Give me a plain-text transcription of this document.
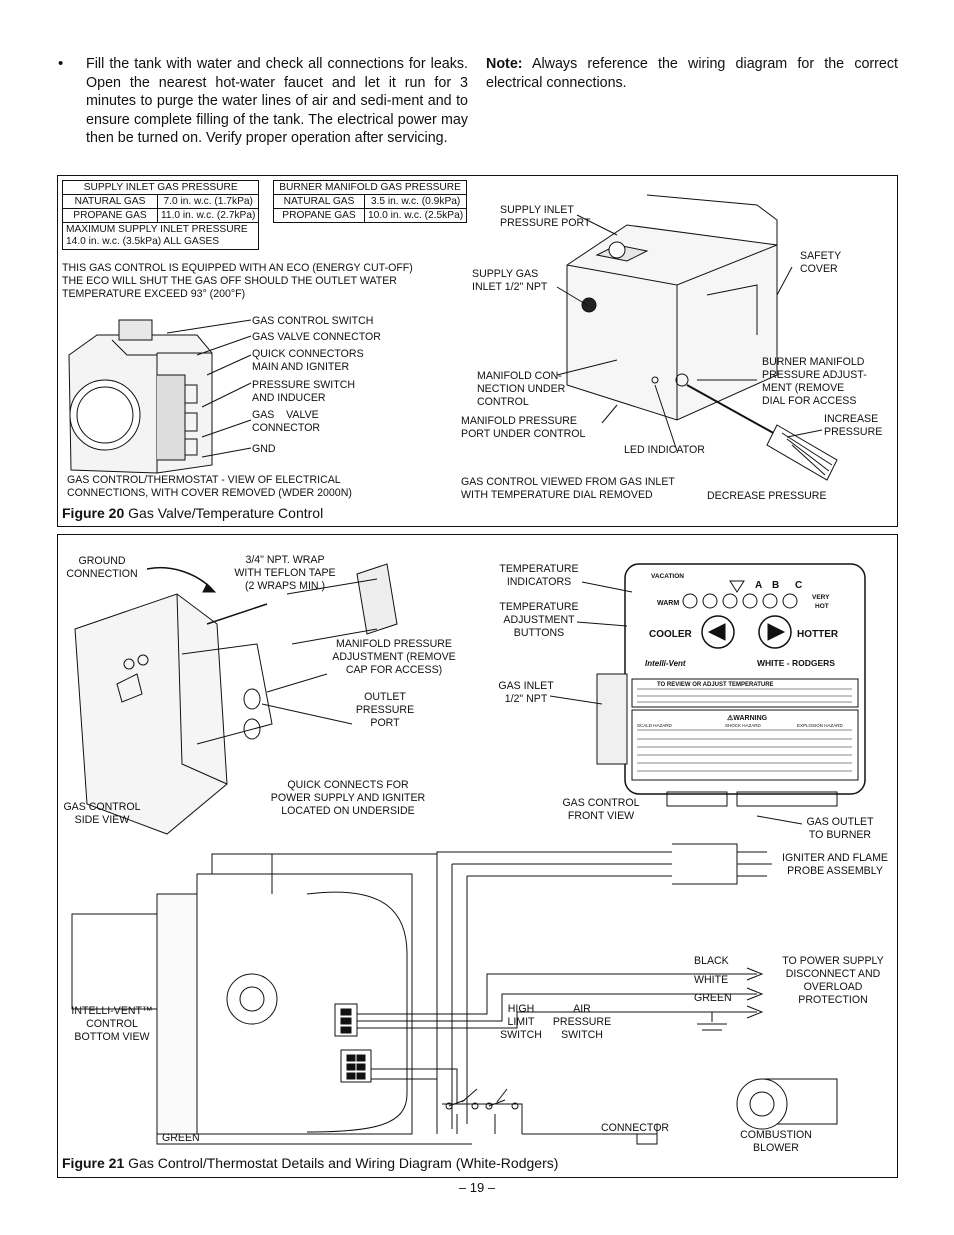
• Fill the tank with water and check all connections for leaks. Open the nearest hot-water faucet and let it run for 3 minutes to purge the water lines of air and sedi-ment and to ensure complete filling of the tank. The electrical power may then be turned on. Verify proper operation after servicing.
Note: Always reference the wiring diagram for the correct electrical connections.
SUPPLY INLET GAS PRESSURE	
NATURAL GAS	7.0 in. w.c. (1.7kPa)
PROPANE GAS	11.0 in. w.c. (2.7kPa)
MAXIMUM SUPPLY INLET PRESSURE
14.0 in. w.c. (3.5kPa) ALL GASES	
BURNER MANIFOLD GAS PRESSURE	
NATURAL GAS	3.5 in. w.c. (0.9kPa)
PROPANE GAS	10.0 in. w.c. (2.5kPa)
THIS GAS CONTROL IS EQUIPPED WITH AN ECO (ENERGY CUT-OFF)
THE ECO WILL SHUT THE GAS OFF SHOULD THE OUTLET WATER
TEMPERATURE EXCEED 93° (200°F)
GAS CONTROL SWITCH
GAS VALVE CONNECTOR
QUICK CONNECTORS
MAIN AND IGNITER
PRESSURE SWITCH
AND INDUCER
GAS    VALVE
CONNECTOR
GND
GAS CONTROL/THERMOSTAT - VIEW OF ELECTRICAL
CONNECTIONS, WITH COVER REMOVED (WDER 2000N)
SUPPLY INLET
PRESSURE PORT
SAFETY
COVER
SUPPLY GAS
INLET 1/2" NPT
MANIFOLD CON-
NECTION UNDER
CONTROL
BURNER MANIFOLD
PRESSURE ADJUST-
MENT (REMOVE
DIAL FOR ACCESS
MANIFOLD PRESSURE
PORT UNDER CONTROL
INCREASE
PRESSURE
LED INDICATOR
GAS CONTROL VIEWED FROM GAS INLET
WITH TEMPERATURE DIAL REMOVED	DECREASE PRESSURE
Figure 20 Gas Valve/Temperature Control
VACATION
WARM
A B C
VERY
HOT
COOLER	HOTTER
Intelli-Vent	WHITE - RODGERS
TO REVIEW OR ADJUST TEMPERATURE
⚠WARNING
SCALD HAZARD	SHOCK HAZARD	EXPLOSION HAZARD
GROUND
CONNECTION
3/4" NPT. WRAP
WITH TEFLON TAPE
(2 WRAPS MIN.)
MANIFOLD PRESSURE
ADJUSTMENT (REMOVE
CAP FOR ACCESS)
OUTLET
PRESSURE
PORT
QUICK CONNECTS FOR
POWER SUPPLY AND IGNITER
LOCATED ON UNDERSIDE
GAS CONTROL
SIDE VIEW
TEMPERATURE
INDICATORS
TEMPERATURE
ADJUSTMENT
BUTTONS
GAS INLET
1/2" NPT
GAS CONTROL
FRONT VIEW	GAS OUTLET
TO BURNER
IGNITER AND FLAME
PROBE ASSEMBLY
BLACK
WHITE
GREEN
TO POWER SUPPLY
DISCONNECT AND
OVERLOAD
PROTECTION
INTELLI-VENT™
CONTROL
BOTTOM VIEW
HIGH
LIMIT
SWITCH
AIR
PRESSURE
SWITCH
CONNECTOR
COMBUSTION
BLOWER
GREEN
Figure 21 Gas Control/Thermostat Details and Wiring Diagram (White-Rodgers)
– 19 –
